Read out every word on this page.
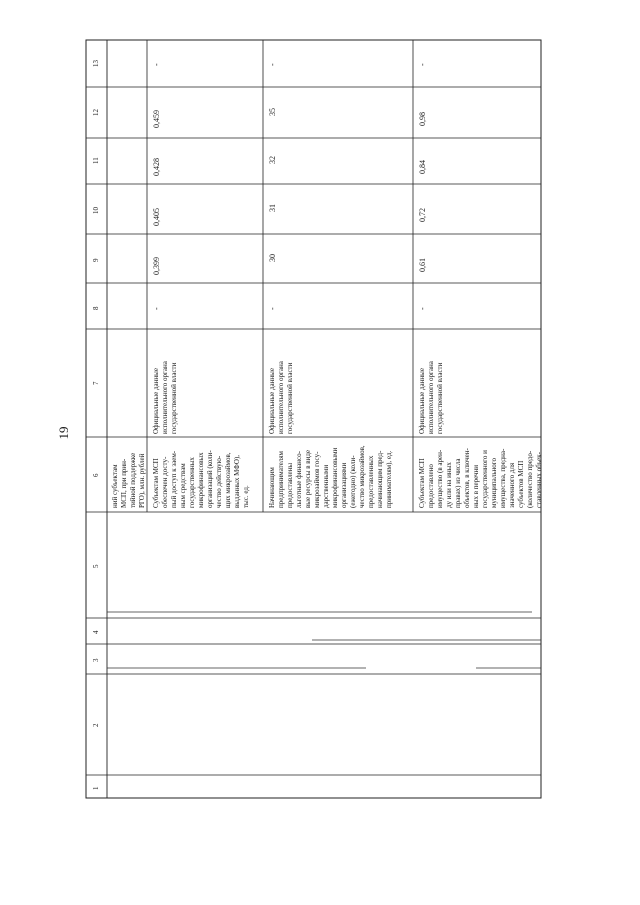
19
13
12
11
10
9
8
7
6
5
4
3
2
1
ний субъектам
МСП, при прин-
тийной поддержке
РГО), млн. рублей
Субъектам МСП
обеспечен досту-
пый доступ к заем-
ным средствам
государственных
микрофинансовых
организаций (коли-
чество действую-
щих микрозаймов,
выданных МФО),
тыс. ед.
Официальные данные
исполнительного органа
государственной власти
-
0,399
0,405
0,428
0,459
-
Начинающим
предпринимателям
предоставлены
льготные финансо-
вые ресурсы в виде
микрозаймов госу-
дарственными
микрофинансовыми
организациями
(ежегодно) (коли-
чество микрозаймов,
предоставленных
начинающим пред-
принимателям), ед.
Официальные данные
исполнительного органа
государственной власти
-
30
31
32
35
-
Субъектам МСП
предоставлено
имущество (в арен-
ду или на иных
правах) из числа
объектов, в ключен-
ных в перечни
государственного и
муниципального
имущества, предна-
значенного для
субъектов МСП
(количество предо-
ставленных объек-
Официальные данные
исполнительного органа
государственной власти
-
0,61
0,72
0,84
0,98
-
